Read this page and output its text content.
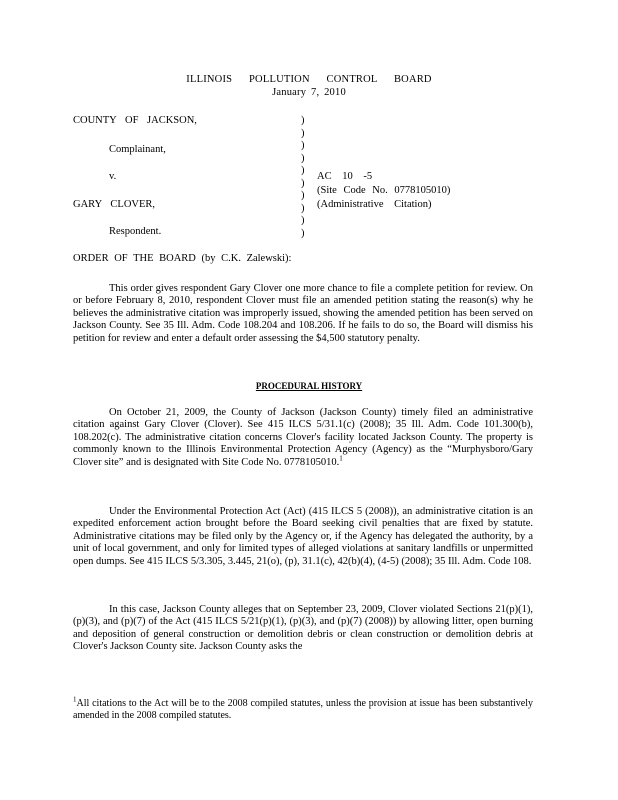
ILLINOIS POLLUTION CONTROL BOARD
January 7, 2010
COUNTY OF JACKSON,
Complainant,
v.
GARY CLOVER,
Respondent.
)
)
)
)
)
)
)
)
)
)
AC 10 -5
(Site Code No. 0778105010)
(Administrative Citation)
ORDER OF THE BOARD (by C.K. Zalewski):
This order gives respondent Gary Clover one more chance to file a complete petition for review. On or before February 8, 2010, respondent Clover must file an amended petition stating the reason(s) why he believes the administrative citation was improperly issued, showing the amended petition has been served on Jackson County. See 35 Ill. Adm. Code 108.204 and 108.206. If he fails to do so, the Board will dismiss his petition for review and enter a default order assessing the $4,500 statutory penalty.
PROCEDURAL HISTORY
On October 21, 2009, the County of Jackson (Jackson County) timely filed an administrative citation against Gary Clover (Clover). See 415 ILCS 5/31.1(c) (2008); 35 Ill. Adm. Code 101.300(b), 108.202(c). The administrative citation concerns Clover's facility located Jackson County. The property is commonly known to the Illinois Environmental Protection Agency (Agency) as the “Murphysboro/Gary Clover site” and is designated with Site Code No. 0778105010.$^1$
Under the Environmental Protection Act (Act) (415 ILCS 5 (2008)), an administrative citation is an expedited enforcement action brought before the Board seeking civil penalties that are fixed by statute. Administrative citations may be filed only by the Agency or, if the Agency has delegated the authority, by a unit of local government, and only for limited types of alleged violations at sanitary landfills or unpermitted open dumps. See 415 ILCS 5/3.305, 3.445, 21(o), (p), 31.1(c), 42(b)(4), (4-5) (2008); 35 Ill. Adm. Code 108.
In this case, Jackson County alleges that on September 23, 2009, Clover violated Sections 21(p)(1), (p)(3), and (p)(7) of the Act (415 ILCS 5/21(p)(1), (p)(3), and (p)(7) (2008)) by allowing litter, open burning and deposition of general construction or demolition debris or clean construction or demolition debris at Clover's Jackson County site. Jackson County asks the
$^1$All citations to the Act will be to the 2008 compiled statutes, unless the provision at issue has been substantively amended in the 2008 compiled statutes.
